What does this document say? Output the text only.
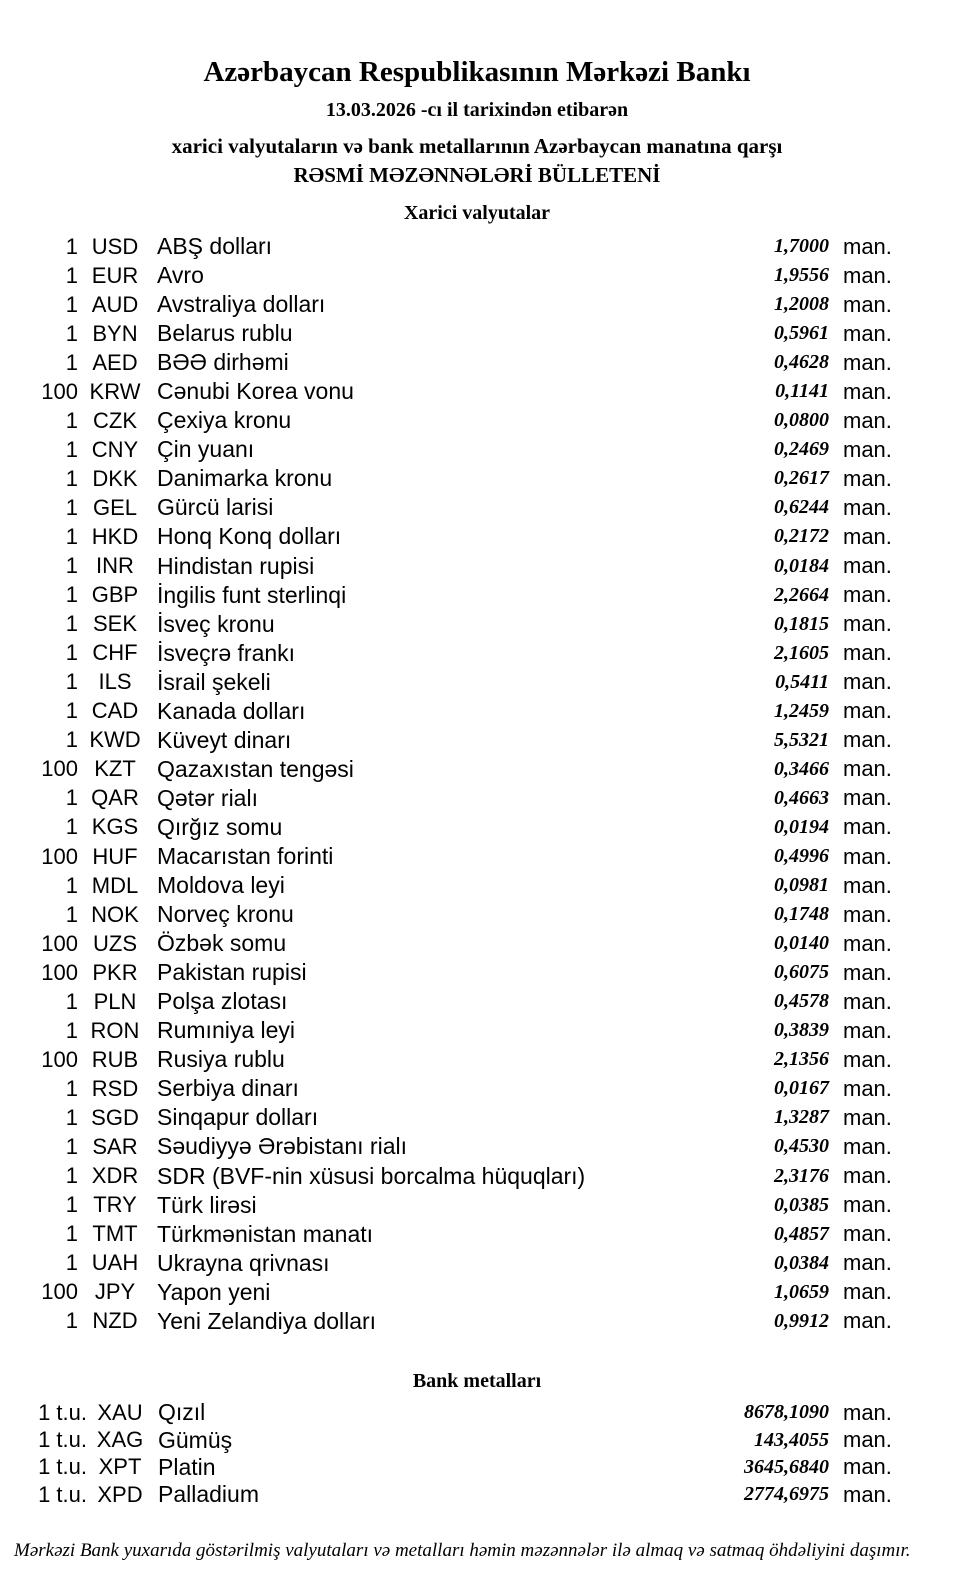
Azərbaycan Respublikasının Mərkəzi Bankı
13.03.2026 -cı il tarixindən etibarən
xarici valyutaların və bank metallarının Azərbaycan manatına qarşı
RƏSMİ MƏZƏNNƏLƏRİ BÜLLETENİ
Xarici valyutalar
1 USD ABŞ dolları	1,7000 man.
1 EUR Avro	1,9556 man.
1 AUD Avstraliya dolları	1,2008 man.
1 BYN Belarus rublu	0,5961 man.
1 AED BƏƏ dirhəmi	0,4628 man.
100 KRW Cənubi Korea vonu	0,1141 man.
1 CZK Çexiya kronu	0,0800 man.
1 CNY Çin yuanı	0,2469 man.
1 DKK Danimarka kronu	0,2617 man.
1 GEL Gürcü larisi	0,6244 man.
1 HKD Honq Konq dolları	0,2172 man.
1 INR	Hindistan rupisi	0,0184 man.
1 GBP İngilis funt sterlinqi	2,2664 man.
1 SEK İsveç kronu	0,1815 man.
1 CHF İsveçrə frankı	2,1605 man.
1 ILS	İsrail şekeli	0,5411 man.
1 CAD Kanada dolları	1,2459 man.
1 KWD Küveyt dinarı	5,5321 man.
100 KZT Qazaxıstan tengəsi	0,3466 man.
1 QAR Qətər rialı	0,4663 man.
1 KGS Qırğız somu	0,0194 man.
100 HUF Macarıstan forinti	0,4996 man.
1 MDL Moldova leyi	0,0981 man.
1 NOK Norveç kronu	0,1748 man.
100 UZS Özbək somu	0,0140 man.
100 PKR Pakistan rupisi	0,6075 man.
1 PLN Polşa zlotası	0,4578 man.
1 RON Rumıniya leyi	0,3839 man.
100 RUB Rusiya rublu	2,1356 man.
1 RSD Serbiya dinarı	0,0167 man.
1 SGD Sinqapur dolları	1,3287 man.
1 SAR Səudiyyə Ərəbistanı rialı	0,4530 man.
1 XDR SDR (BVF-nin xüsusi borcalma hüquqları)	2,3176 man.
1 TRY Türk lirəsi	0,0385 man.
1 TMT Türkmənistan manatı	0,4857 man.
1 UAH Ukrayna qrivnası	0,0384 man.
100 JPY Yapon yeni	1,0659 man.
1 NZD Yeni Zelandiya dolları	0,9912 man.
Bank metalları
1 t.u. XAU Qızıl	8678,1090 man.
1 t.u. XAG Gümüş	143,4055 man.
1 t.u. XPT Platin	3645,6840 man.
1 t.u. XPD Palladium	2774,6975 man.
Mərkəzi Bank yuxarıda göstərilmiş valyutaları və metalları həmin məzənnələr ilə almaq və satmaq öhdəliyini daşımır.
